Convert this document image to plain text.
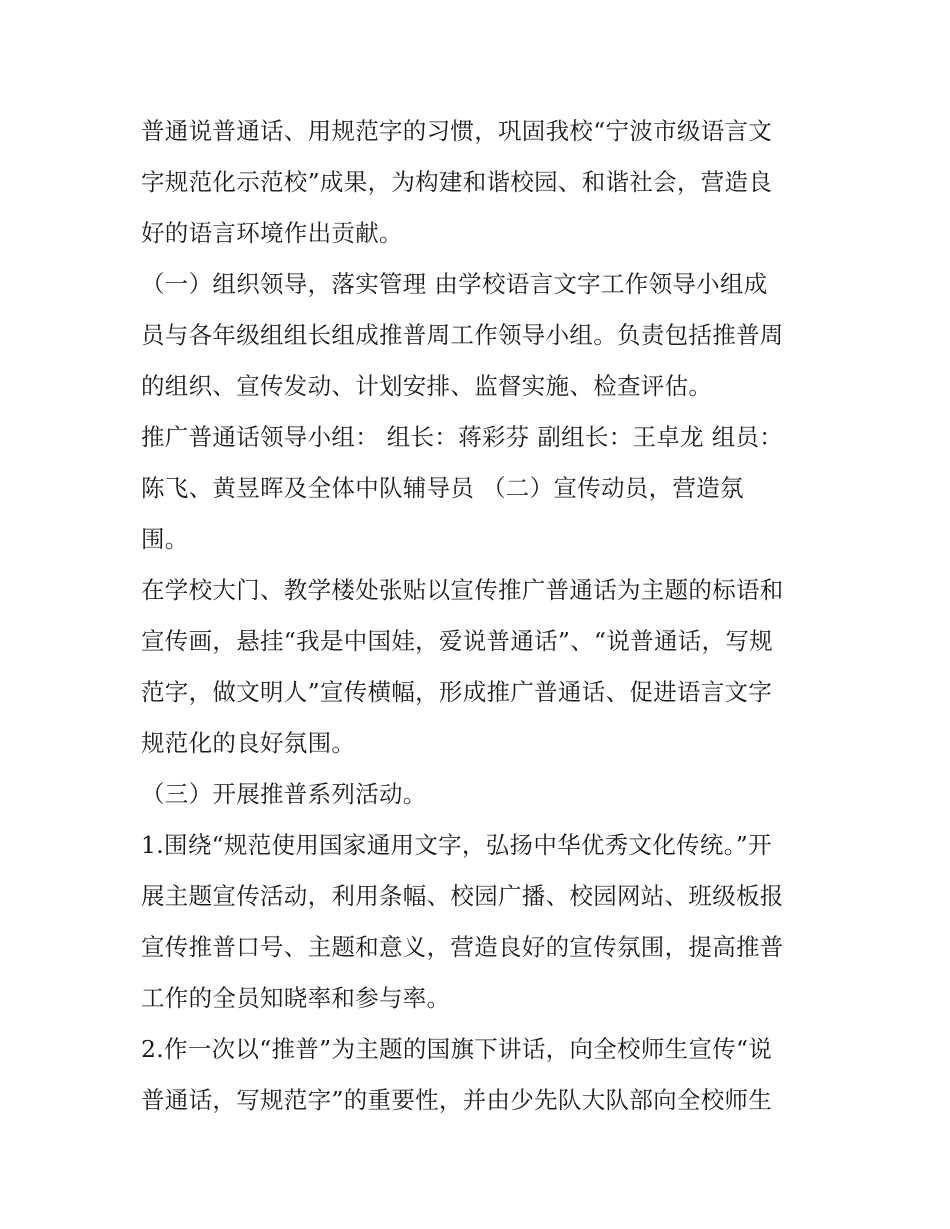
普通说普通话、用规范字的习惯，巩固我校“宁波市级语言文
字规范化示范校”成果，为构建和谐校园、和谐社会，营造良
好的语言环境作出贡献。
（一）组织领导，落实管理 由学校语言文字工作领导小组成
员与各年级组组长组成推普周工作领导小组。负责包括推普周
的组织、宣传发动、计划安排、监督实施、检查评估。
推广普通话领导小组： 组长：蒋彩芬 副组长：王卓龙 组员：
陈飞、黄昱晖及全体中队辅导员 （二）宣传动员，营造氛
围。
在学校大门、教学楼处张贴以宣传推广普通话为主题的标语和
宣传画，悬挂“我是中国娃，爱说普通话”、“说普通话，写规
范字，做文明人”宣传横幅，形成推广普通话、促进语言文字
规范化的良好氛围。
（三）开展推普系列活动。
1.围绕“规范使用国家通用文字，弘扬中华优秀文化传统。”开
展主题宣传活动，利用条幅、校园广播、校园网站、班级板报
宣传推普口号、主题和意义，营造良好的宣传氛围，提高推普
工作的全员知晓率和参与率。
2.作一次以“推普”为主题的国旗下讲话，向全校师生宣传“说
普通话，写规范字”的重要性，并由少先队大队部向全校师生
